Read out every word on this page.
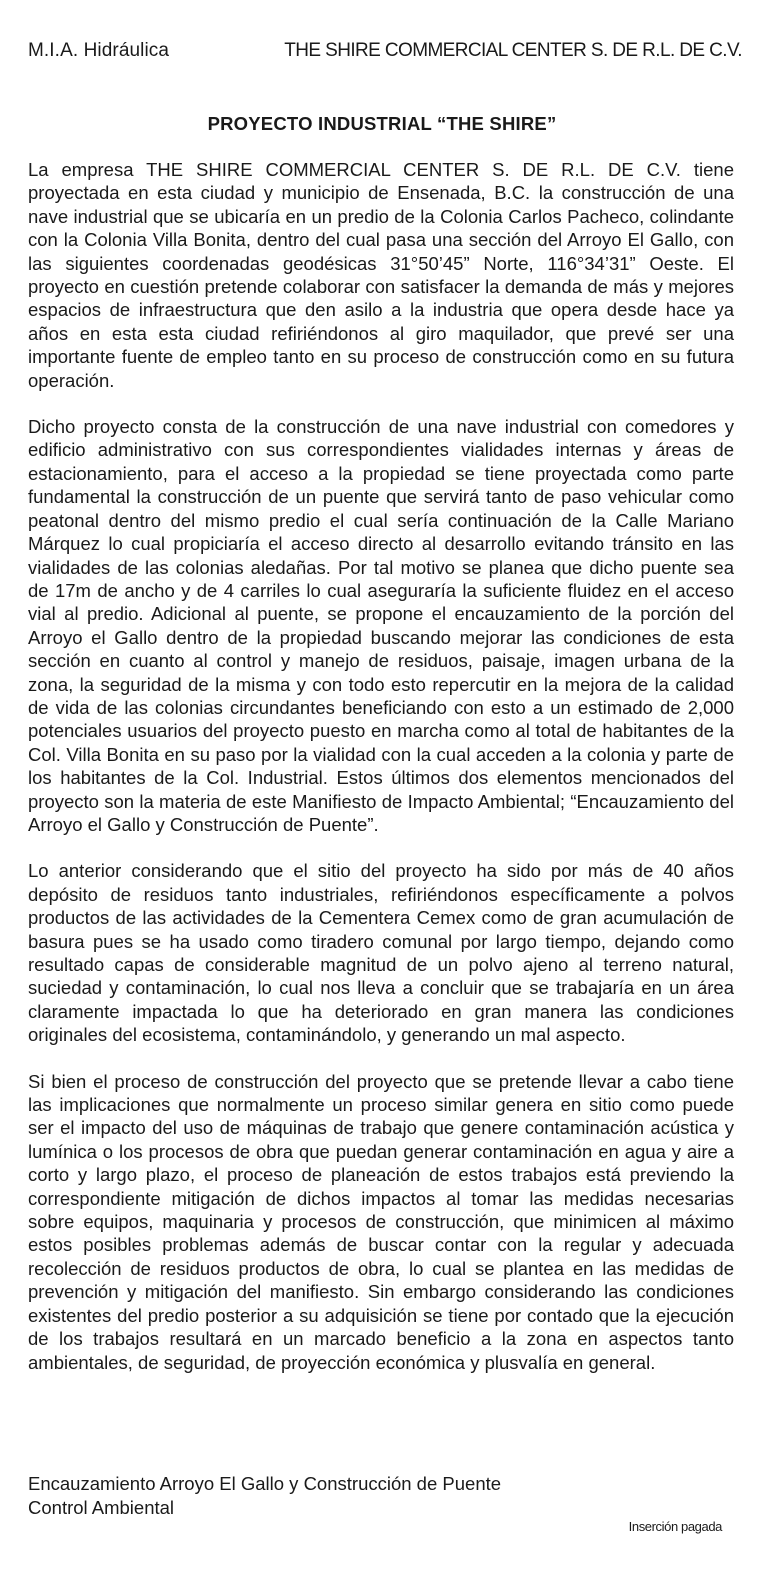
M.I.A. Hidráulica	THE SHIRE COMMERCIAL CENTER S. DE R.L. DE C.V.
PROYECTO INDUSTRIAL “THE SHIRE”

La empresa THE SHIRE COMMERCIAL CENTER S. DE R.L. DE C.V. tiene proyectada en esta ciudad y municipio de Ensenada, B.C. la construcción de una nave industrial que se ubicaría en un predio de la Colonia Carlos Pacheco, colindante con la Colonia Villa Bonita, dentro del cual pasa una sección del Arroyo El Gallo, con las siguientes coordenadas geodésicas 31°50’45” Norte, 116°34’31” Oeste. El proyecto en cuestión pretende colaborar con satisfacer la demanda de más y mejores espacios de infraestructura que den asilo a la industria que opera desde hace ya años en esta esta ciudad refiriéndonos al giro maquilador, que prevé ser una importante fuente de empleo tanto en su proceso de construcción como en su futura operación.

Dicho proyecto consta de la construcción de una nave industrial con comedores y edificio administrativo con sus correspondientes vialidades internas y áreas de estacionamiento, para el acceso a la propiedad se tiene proyectada como parte fundamental la construcción de un puente que servirá tanto de paso vehicular como peatonal dentro del mismo predio el cual sería continuación de la Calle Mariano Márquez lo cual propiciaría el acceso directo al desarrollo evitando tránsito en las vialidades de las colonias aledañas. Por tal motivo se planea que dicho puente sea de 17m de ancho y de 4 carriles lo cual aseguraría la suficiente fluidez en el acceso vial al predio. Adicional al puente, se propone el encauzamiento de la porción del Arroyo el Gallo dentro de la propiedad buscando mejorar las condiciones de esta sección en cuanto al control y manejo de residuos, paisaje, imagen urbana de la zona, la seguridad de la misma y con todo esto repercutir en la mejora de la calidad de vida de las colonias circundantes beneficiando con esto a un estimado de 2,000 potenciales usuarios del proyecto puesto en marcha como al total de habitantes de la Col. Villa Bonita en su paso por la vialidad con la cual acceden a la colonia y parte de los habitantes de la Col. Industrial. Estos últimos dos elementos mencionados del proyecto son la materia de este Manifiesto de Impacto Ambiental; “Encauzamiento del Arroyo el Gallo y Construcción de Puente”.

Lo anterior considerando que el sitio del proyecto ha sido por más de 40 años depósito de residuos tanto industriales, refiriéndonos específicamente a polvos productos de las actividades de la Cementera Cemex como de gran acumulación de basura pues se ha usado como tiradero comunal por largo tiempo, dejando como resultado capas de considerable magnitud de un polvo ajeno al terreno natural, suciedad y contaminación, lo cual nos lleva a concluir que se trabajaría en un área claramente impactada lo que ha deteriorado en gran manera las condiciones originales del ecosistema, contaminándolo, y generando un mal aspecto.

Si bien el proceso de construcción del proyecto que se pretende llevar a cabo tiene las implicaciones que normalmente un proceso similar genera en sitio como puede ser el impacto del uso de máquinas de trabajo que genere contaminación acústica y lumínica o los procesos de obra que puedan generar contaminación en agua y aire a corto y largo plazo, el proceso de planeación de estos trabajos está previendo la correspondiente mitigación de dichos impactos al tomar las medidas necesarias sobre equipos, maquinaria y procesos de construcción, que minimicen al máximo estos posibles problemas además de buscar contar con la regular y adecuada recolección de residuos productos de obra, lo cual se plantea en las medidas de prevención y mitigación del manifiesto. Sin embargo considerando las condiciones existentes del predio posterior a su adquisición se tiene por contado que la ejecución de los trabajos resultará en un marcado beneficio a la zona en aspectos tanto ambientales, de seguridad, de proyección económica y plusvalía en general.

Encauzamiento Arroyo El Gallo y Construcción de Puente
Control Ambiental
Inserción pagada
